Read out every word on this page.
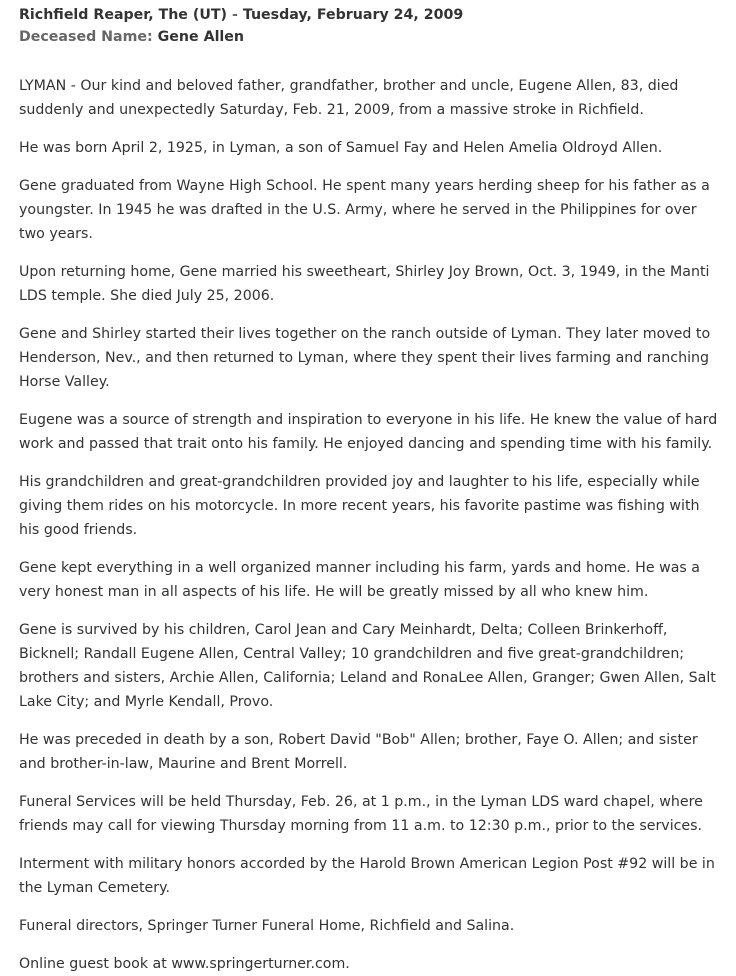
Richfield Reaper, The (UT) - Tuesday, February 24, 2009
Deceased Name: Gene Allen

LYMAN - Our kind and beloved father, grandfather, brother and uncle, Eugene Allen, 83, died suddenly and unexpectedly Saturday, Feb. 21, 2009, from a massive stroke in Richfield.

He was born April 2, 1925, in Lyman, a son of Samuel Fay and Helen Amelia Oldroyd Allen.

Gene graduated from Wayne High School. He spent many years herding sheep for his father as a youngster. In 1945 he was drafted in the U.S. Army, where he served in the Philippines for over two years.

Upon returning home, Gene married his sweetheart, Shirley Joy Brown, Oct. 3, 1949, in the Manti LDS temple. She died July 25, 2006.

Gene and Shirley started their lives together on the ranch outside of Lyman. They later moved to Henderson, Nev., and then returned to Lyman, where they spent their lives farming and ranching Horse Valley.

Eugene was a source of strength and inspiration to everyone in his life. He knew the value of hard work and passed that trait onto his family. He enjoyed dancing and spending time with his family.

His grandchildren and great-grandchildren provided joy and laughter to his life, especially while giving them rides on his motorcycle. In more recent years, his favorite pastime was fishing with his good friends.

Gene kept everything in a well organized manner including his farm, yards and home. He was a very honest man in all aspects of his life. He will be greatly missed by all who knew him.

Gene is survived by his children, Carol Jean and Cary Meinhardt, Delta; Colleen Brinkerhoff, Bicknell; Randall Eugene Allen, Central Valley; 10 grandchildren and five great-grandchildren; brothers and sisters, Archie Allen, California; Leland and RonaLee Allen, Granger; Gwen Allen, Salt Lake City; and Myrle Kendall, Provo.

He was preceded in death by a son, Robert David "Bob" Allen; brother, Faye O. Allen; and sister and brother-in-law, Maurine and Brent Morrell.

Funeral Services will be held Thursday, Feb. 26, at 1 p.m., in the Lyman LDS ward chapel, where friends may call for viewing Thursday morning from 11 a.m. to 12:30 p.m., prior to the services.

Interment with military honors accorded by the Harold Brown American Legion Post #92 will be in the Lyman Cemetery.

Funeral directors, Springer Turner Funeral Home, Richfield and Salina.

Online guest book at www.springerturner.com.
